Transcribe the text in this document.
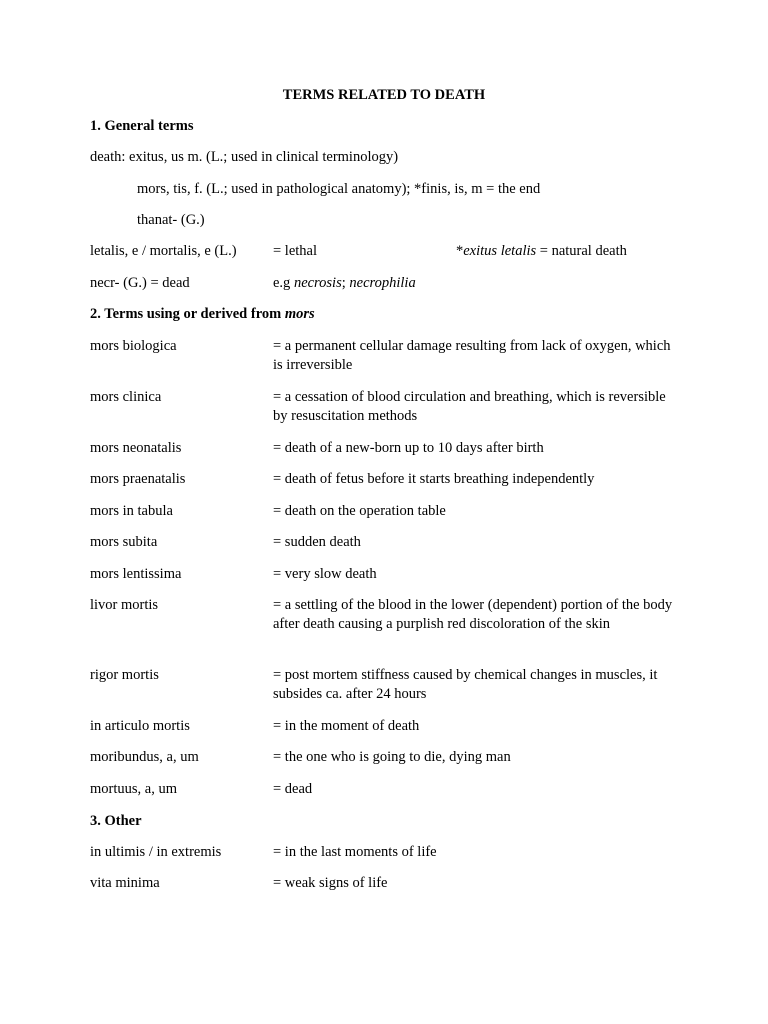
TERMS RELATED TO DEATH
1. General terms
death: exitus, us m. (L.; used in clinical terminology)
mors, tis, f. (L.; used in pathological anatomy); *finis, is, m = the end
thanat- (G.)
letalis, e / mortalis, e (L.)	= lethal	*exitus letalis = natural death
necr- (G.) = dead	e.g necrosis; necrophilia
2. Terms using or derived from mors
mors biologica	= a permanent cellular damage resulting from lack of oxygen, which is irreversible
mors clinica	= a cessation of blood circulation and breathing, which is reversible by resuscitation methods
mors neonatalis	= death of a new-born up to 10 days after birth
mors praenatalis	= death of fetus before it starts breathing independently
mors in tabula	= death on the operation table
mors subita	= sudden death
mors lentissima	= very slow death
livor mortis	= a settling of the blood in the lower (dependent) portion of the body after death causing a purplish red discoloration of the skin
rigor mortis	= post mortem stiffness caused by chemical changes in muscles, it subsides ca. after 24 hours
in articulo mortis	= in the moment of death
moribundus, a, um	= the one who is going to die, dying man
mortuus, a, um	= dead
3. Other
in ultimis / in extremis	= in the last moments of life
vita minima	= weak signs of life
